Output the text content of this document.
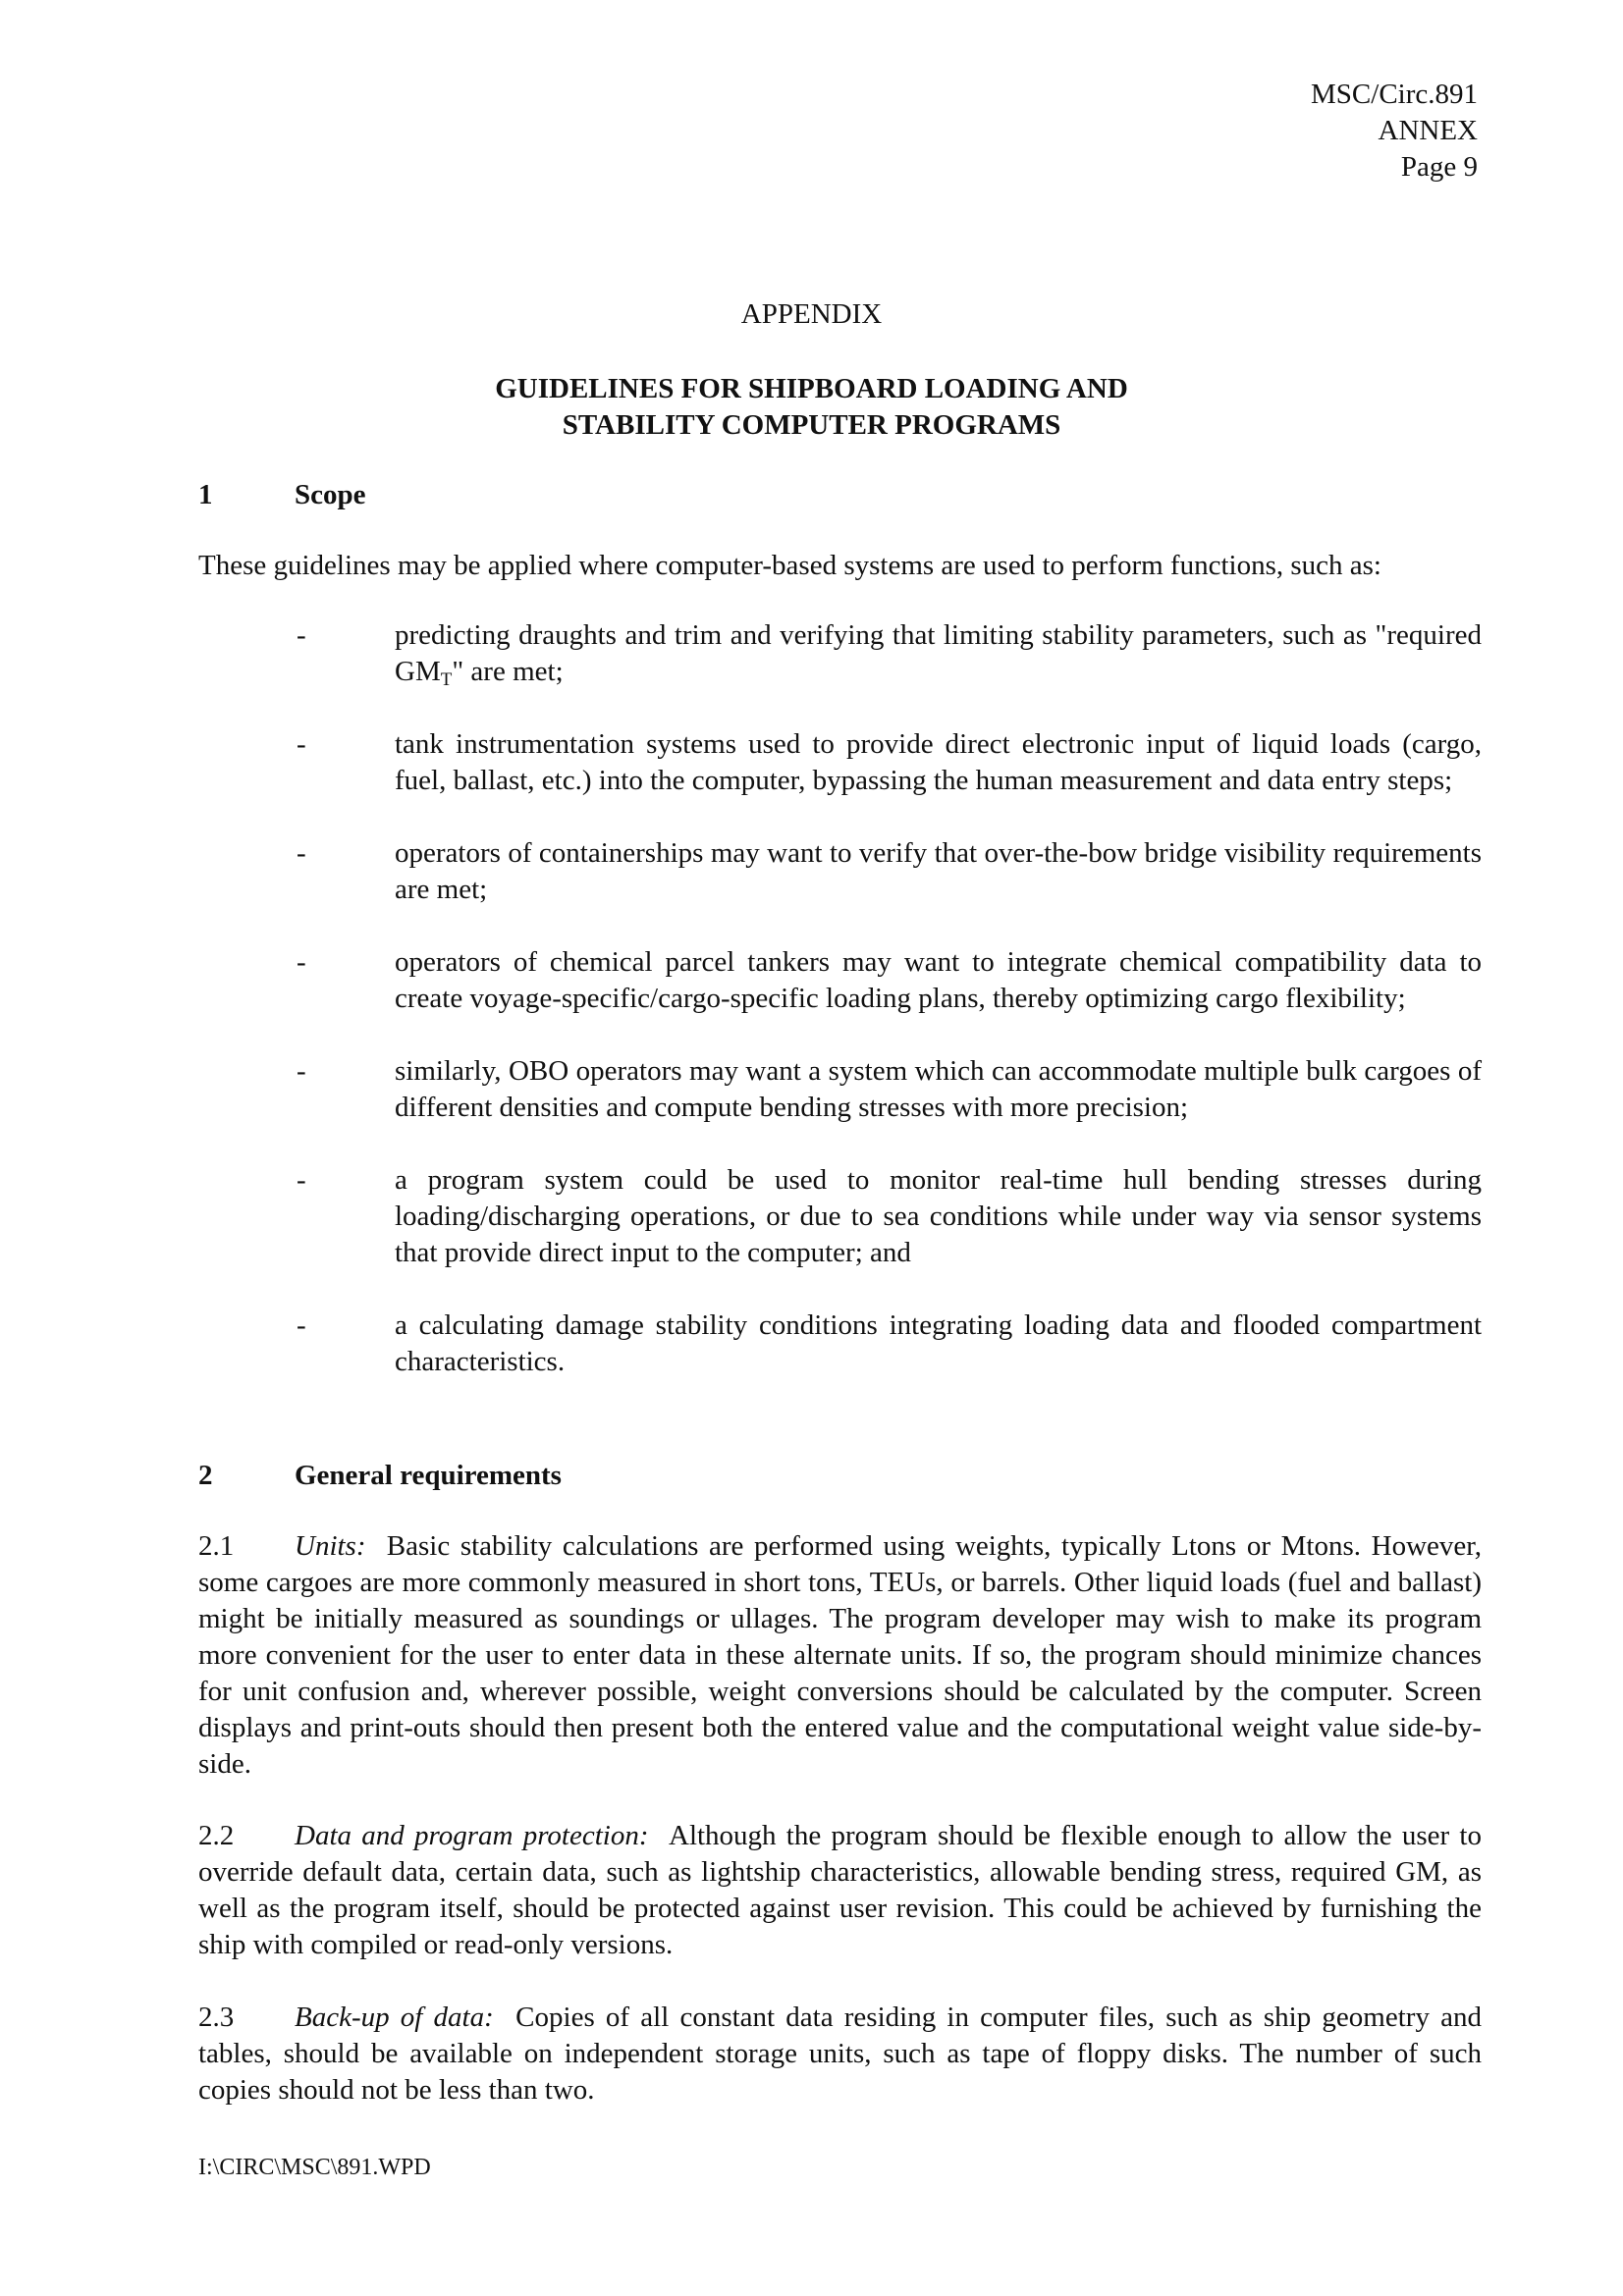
MSC/Circ.891
ANNEX
Page 9
APPENDIX
GUIDELINES FOR SHIPBOARD LOADING AND
STABILITY COMPUTER PROGRAMS
1	Scope
These guidelines may be applied where computer-based systems are used to perform functions, such as:
-	predicting draughts and trim and verifying that limiting stability parameters, such as "required $GM_T$" are met;
-	tank instrumentation systems used to provide direct electronic input of liquid loads (cargo, fuel, ballast, etc.) into the computer, bypassing the human measurement and data entry steps;
-	operators of containerships may want to verify that over-the-bow bridge visibility requirements are met;
-	operators of chemical parcel tankers may want to integrate chemical compatibility data to create voyage-specific/cargo-specific loading plans, thereby optimizing cargo flexibility;
-	similarly, OBO operators may want a system which can accommodate multiple bulk cargoes of different densities and compute bending stresses with more precision;
-	a program system could be used to monitor real-time hull bending stresses during loading/discharging operations, or due to sea conditions while under way via sensor systems that provide direct input to the computer; and
-	a calculating damage stability conditions integrating loading data and flooded compartment characteristics.
2	General requirements
2.1 Units: Basic stability calculations are performed using weights, typically Ltons or Mtons. However, some cargoes are more commonly measured in short tons, TEUs, or barrels. Other liquid loads (fuel and ballast) might be initially measured as soundings or ullages. The program developer may wish to make its program more convenient for the user to enter data in these alternate units. If so, the program should minimize chances for unit confusion and, wherever possible, weight conversions should be calculated by the computer. Screen displays and print-outs should then present both the entered value and the computational weight value side-by-side.
2.2 Data and program protection: Although the program should be flexible enough to allow the user to override default data, certain data, such as lightship characteristics, allowable bending stress, required GM, as well as the program itself, should be protected against user revision. This could be achieved by furnishing the ship with compiled or read-only versions.
2.3 Back-up of data: Copies of all constant data residing in computer files, such as ship geometry and tables, should be available on independent storage units, such as tape of floppy disks. The number of such copies should not be less than two.
I:\CIRC\MSC\891.WPD
